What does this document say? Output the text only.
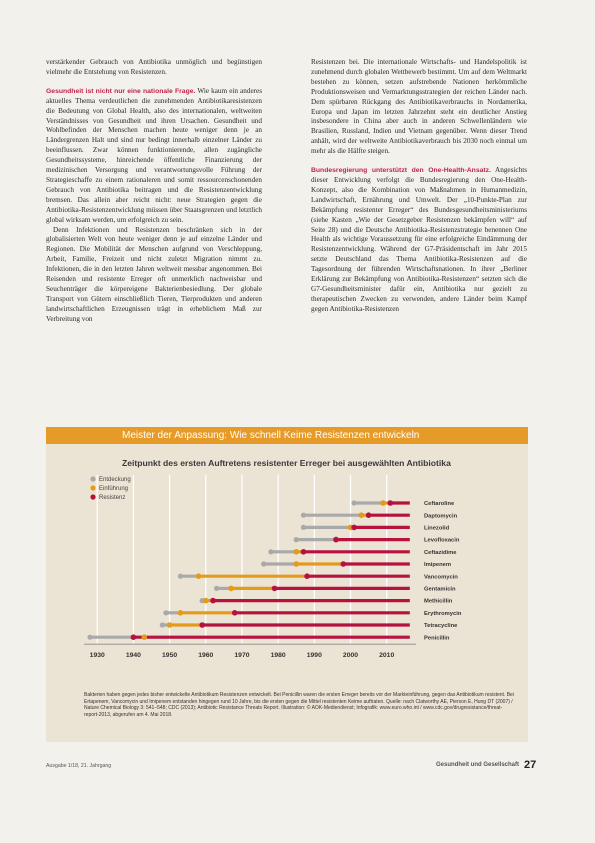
verstärkender Gebrauch von Antibiotika unmöglich und begünstigen vielmehr die Entstehung von Resistenzen.

Gesundheit ist nicht nur eine nationale Frage. Wie kaum ein anderes aktuelles Thema verdeutlichen die zunehmenden Antibiotikaresistenzen die Bedeutung von Global Health, also des internationalen, weltweiten Verständnisses von Gesundheit und ihren Ursachen. Gesundheit und Wohlbefinden der Menschen machen heute weniger denn je an Ländergrenzen Halt und sind nur bedingt innerhalb einzelner Länder zu beeinflussen. Zwar können funktionierende, allen zugängliche Gesundheitssysteme, hinreichende öffentliche Finanzierung der medizinischen Versorgung und verantwortungsvolle Führung der Strategieschaffe zu einem rationaleren und somit ressourcenschonenden Gebrauch von Antibiotika beitragen und die Resistenzentwicklung bremsen. Das allein aber reicht nicht: neue Strategien gegen die Antibiotika-Resistenzentwicklung müssen über Staatsgrenzen und letztlich global wirksam werden, um erfolgreich zu sein.

Denn Infektionen und Resistenzen beschränken sich in der globalisierten Welt von heute weniger denn je auf einzelne Länder und Regionen. Die Mobilität der Menschen aufgrund von Verschleppung, Arbeit, Familie, Freizeit und nicht zuletzt Migration nimmt zu. Infektionen, die in den letzten Jahren weltweit messbar angenommen. Bei Reisenden und resistente Erreger oft unmerklich nachweisbar und Seuchenträger die körpereigene Bakterienbesiedlung. Der globale Transport von Gütern einschließlich Tieren, Tierprodukten und anderen landwirtschaftlichen Erzeugnissen trägt in erheblichem Maß zur Verbreitung von

Resistenzen bei. Die internationale Wirtschafts- und Handelspolitik ist zunehmend durch globalen Wettbewerb bestimmt. Um auf dem Weltmarkt bestehen zu können, setzen aufstrebende Nationen herkömmliche Produktionsweisen und Vermarktungsstrategien der reichen Länder nach. Dem spürbaren Rückgang des Antibiotikaverbrauchs in Nordamerika, Europa und Japan im letzten Jahrzehnt steht ein deutlicher Anstieg insbesondere in China aber auch in anderen Schwellenländern wie Brasilien, Russland, Indien und Vietnam gegenüber. Wenn dieser Trend anhält, wird der weltweite Antibiotikaverbrauch bis 2030 noch einmal um mehr als die Hälfte steigen.

Bundesregierung unterstützt den One-Health-Ansatz. Angesichts dieser Entwicklung verfolgt die Bundesregierung den One-Health-Konzept, also die Kombination von Maßnahmen in Humanmedizin, Landwirtschaft, Ernährung und Umwelt. Der „10-Punkte-Plan zur Bekämpfung resistenter Erreger“ des Bundesgesundheitsministeriums (siehe Kasten „Wie der Gesetzgeber Resistenzen bekämpfen will“ auf Seite 28) und die Deutsche Antibiotika-Resistenzstrategie benennen One Health als wichtige Voraussetzung für eine erfolgreiche Eindämmung der Resistenzentwicklung. Während der G7-Präsidentschaft im Jahr 2015 setzte Deutschland das Thema Antibiotika-Resistenzen auf die Tagesordnung der führenden Wirtschaftsnationen. In ihrer „Berliner Erklärung zur Bekämpfung von Antibiotika-Resistenzen“ setzten sich die G7-Gesundheitsminister dafür ein, Antibiotika nur gezielt zu therapeutischen Zwecken zu verwenden, andere Länder beim Kampf gegen Antibiotika-Resistenzen

Meister der Anpassung: Wie schnell Keime Resistenzen entwickeln
Zeitpunkt des ersten Auftretens resistenter Erreger bei ausgewählten Antibiotika
1930	1940	1950	1960	1970	1980	1990	2000	2010
Entdeckung
Einführung
Resistenz
Ceftaroline
Daptomycin
Linezolid
Levofloxacin
Ceftazidime
Imipenem
Vancomycin
Gentamicin
Methicillin
Erythromycin
Tetracycline
Penicillin
Bakterien haben gegen jedes bisher entwickelte Antibiotikum Resistenzen entwickelt. Bei Penicillin waren die ersten Erreger bereits vor der Markteinführung, gegen das Antibiotikum resistent. Bei Ertapenem, Vancomycin und Imipenem entstanden hingegen rund 10 Jahre, bis die ersten gegen die Mittel resistenten Keime auftraten. Quelle: nach Clatworthy AE, Pierson E, Hung DT (2007) / Nature Chemical Biology 3: 541–548; CDC (2013); Antibiotic Resistance Threats Report. Illustration: © AOK-Mediendienst; Infografik: www.euro.who.int / www.cdc.gov/drugresistance/threat-report-2013, abgerufen am 4. Mai 2018.
Ausgabe 1/18, 21. Jahrgang	Gesundheit und Gesellschaft 27
